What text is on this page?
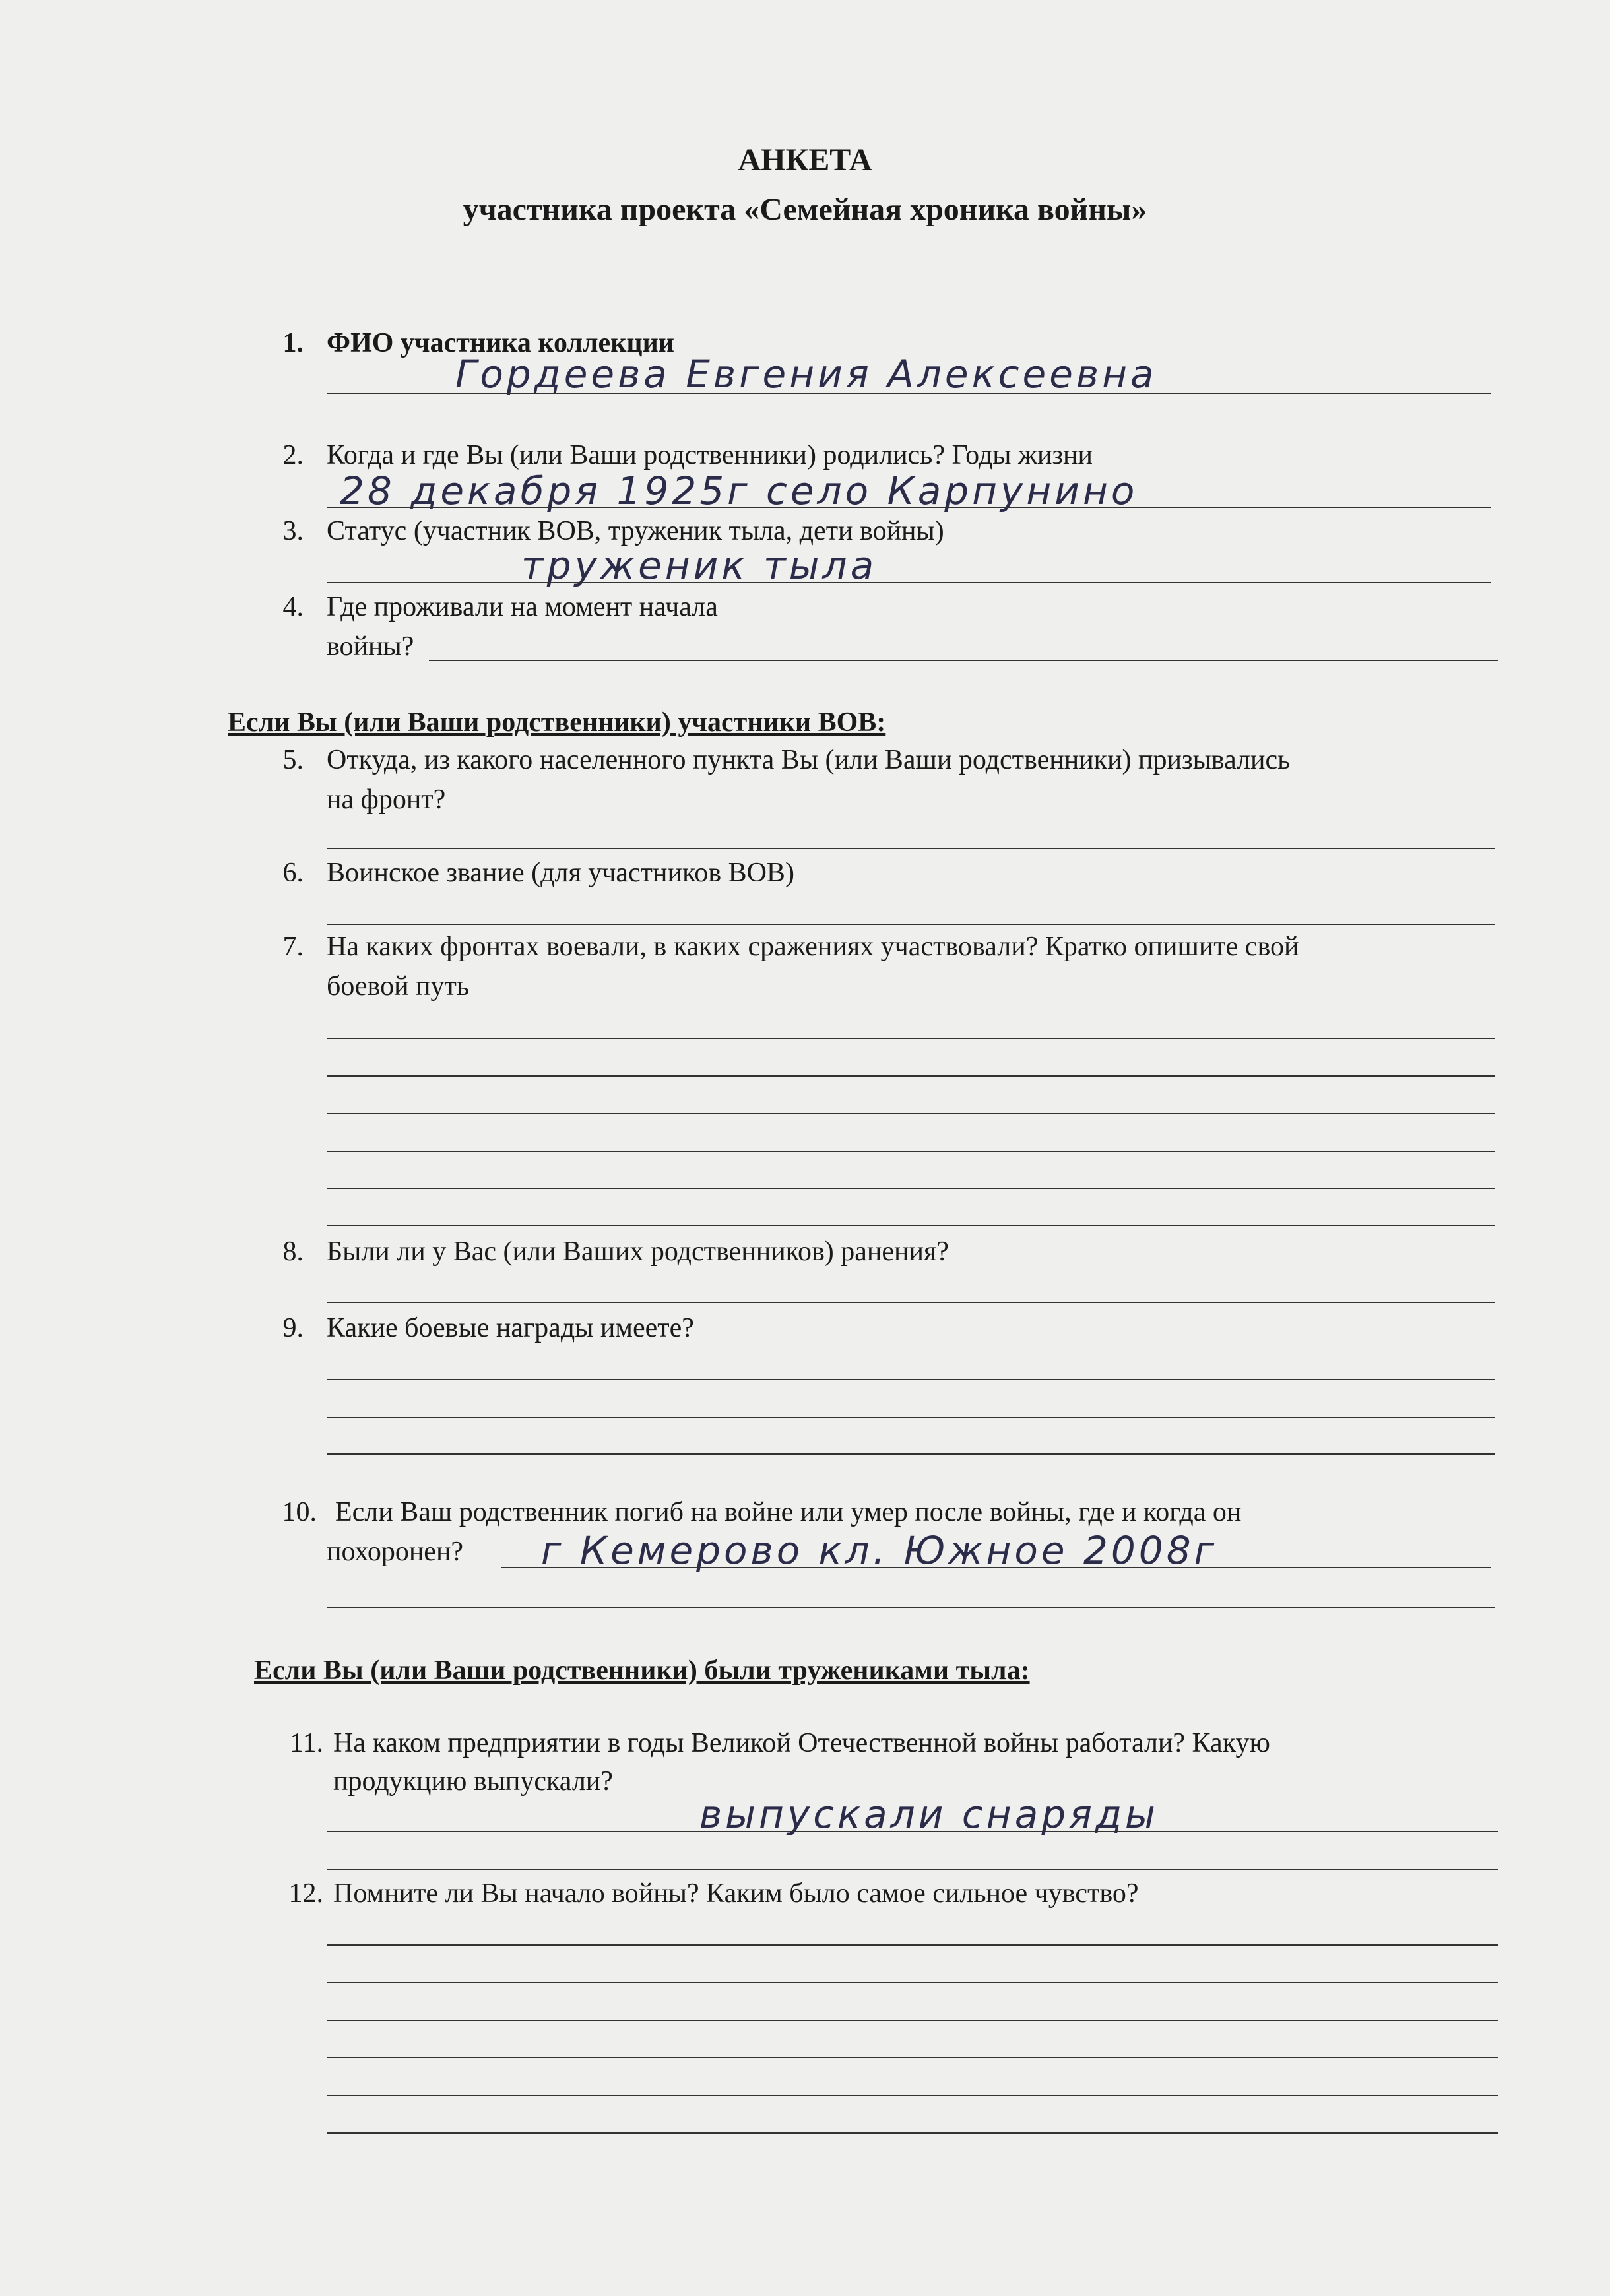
АНКЕТА
участника проекта «Семейная хроника войны»
1. ФИО участника коллекции
Гордеева Евгения Алексеевна
2. Когда и где Вы (или Ваши родственники) родились? Годы жизни
28 декабря 1925г село Карпунино
3. Статус (участник ВОВ, труженик тыла, дети войны)
труженик тыла
4. Где проживали на момент начала
войны?
Если Вы (или Ваши родственники) участники ВОВ:
5. Откуда, из какого населенного пункта Вы (или Ваши родственники) призывались
на фронт?
6. Воинское звание (для участников ВОВ)
7. На каких фронтах воевали, в каких сражениях участвовали? Кратко опишите свой
боевой путь
8. Были ли у Вас (или Ваших родственников) ранения?
9. Какие боевые награды имеете?
10. Если Ваш родственник погиб на войне или умер после войны, где и когда он
похоронен? г Кемерово кл. Южное 2008г
Если Вы (или Ваши родственники) были тружениками тыла:
11. На каком предприятии в годы Великой Отечественной войны работали? Какую
продукцию выпускали?
выпускали снаряды
12. Помните ли Вы начало войны? Каким было самое сильное чувство?
